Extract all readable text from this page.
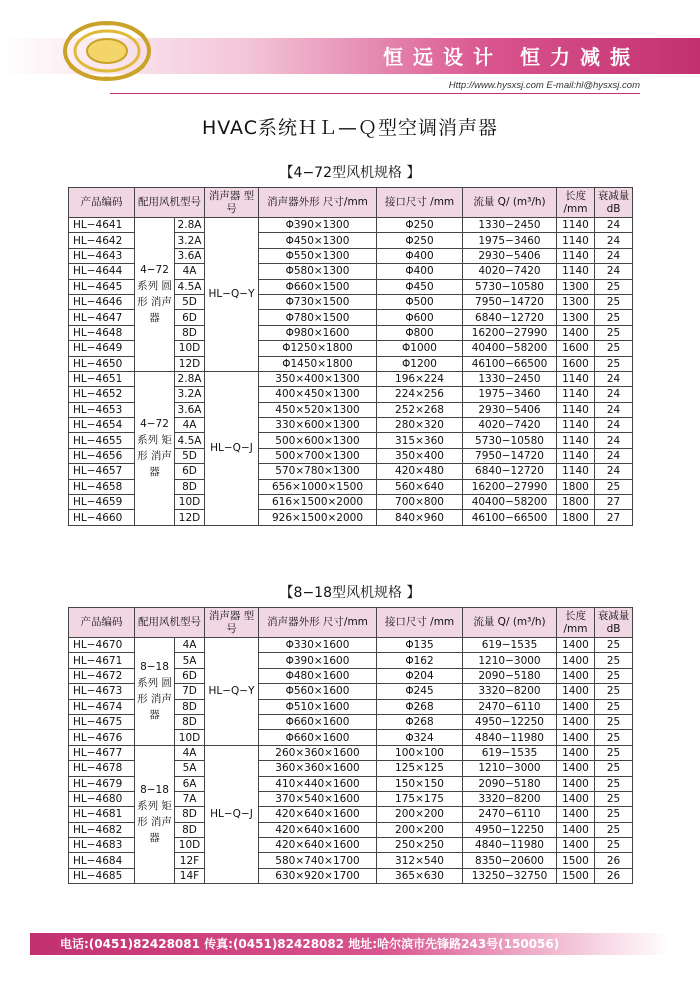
恒远设计 恒力减振
Http://www.hysxsj.com E-mail:hl@hysxsj.com
HVAC系统ＨＬ—Ｑ型空调消声器
【4−72型风机规格 】
产品编码	配用风机型号		消声器 型号	消声器外形 尺寸/mm	接口尺寸 /mm	流量 Q/ (m³/h)	长度 /mm	衰减量 dB
HL−4641	4−72 系列 圆形 消声器	2.8A	HL−Q−Y	Φ390×1300	Φ250	1330−2450	1140	24
HL−4642		3.2A		Φ450×1300	Φ250	1975−3460	1140	24
HL−4643		3.6A		Φ550×1300	Φ400	2930−5406	1140	24
HL−4644		4A		Φ580×1300	Φ400	4020−7420	1140	24
HL−4645		4.5A		Φ660×1500	Φ450	5730−10580	1300	25
HL−4646		5D		Φ730×1500	Φ500	7950−14720	1300	25
HL−4647		6D		Φ780×1500	Φ600	6840−12720	1300	25
HL−4648		8D		Φ980×1600	Φ800	16200−27990	1400	25
HL−4649		10D		Φ1250×1800	Φ1000	40400−58200	1600	25
HL−4650		12D		Φ1450×1800	Φ1200	46100−66500	1600	25
HL−4651	4−72 系列 矩形 消声器	2.8A	HL−Q−J	350×400×1300	196×224	1330−2450	1140	24
HL−4652		3.2A		400×450×1300	224×256	1975−3460	1140	24
HL−4653		3.6A		450×520×1300	252×268	2930−5406	1140	24
HL−4654		4A		330×600×1300	280×320	4020−7420	1140	24
HL−4655		4.5A		500×600×1300	315×360	5730−10580	1140	24
HL−4656		5D		500×700×1300	350×400	7950−14720	1140	24
HL−4657		6D		570×780×1300	420×480	6840−12720	1140	24
HL−4658		8D		656×1000×1500	560×640	16200−27990	1800	25
HL−4659		10D		616×1500×2000	700×800	40400−58200	1800	27
HL−4660		12D		926×1500×2000	840×960	46100−66500	1800	27
【8−18型风机规格 】
产品编码	配用风机型号		消声器 型号	消声器外形 尺寸/mm	接口尺寸 /mm	流量 Q/ (m³/h)	长度 /mm	衰减量 dB
HL−4670	8−18 系列 圆形 消声器	4A	HL−Q−Y	Φ330×1600	Φ135	619−1535	1400	25
HL−4671		5A		Φ390×1600	Φ162	1210−3000	1400	25
HL−4672		6D		Φ480×1600	Φ204	2090−5180	1400	25
HL−4673		7D		Φ560×1600	Φ245	3320−8200	1400	25
HL−4674		8D		Φ510×1600	Φ268	2470−6110	1400	25
HL−4675		8D		Φ660×1600	Φ268	4950−12250	1400	25
HL−4676		10D		Φ660×1600	Φ324	4840−11980	1400	25
HL−4677	8−18 系列 矩形 消声器	4A	HL−Q−J	260×360×1600	100×100	619−1535	1400	25
HL−4678		5A		360×360×1600	125×125	1210−3000	1400	25
HL−4679		6A		410×440×1600	150×150	2090−5180	1400	25
HL−4680		7A		370×540×1600	175×175	3320−8200	1400	25
HL−4681		8D		420×640×1600	200×200	2470−6110	1400	25
HL−4682		8D		420×640×1600	200×200	4950−12250	1400	25
HL−4683		10D		420×640×1600	250×250	4840−11980	1400	25
HL−4684		12F		580×740×1700	312×540	8350−20600	1500	26
HL−4685		14F		630×920×1700	365×630	13250−32750	1500	26
电话:(0451)82428081 传真:(0451)82428082 地址:哈尔滨市先锋路243号(150056)
